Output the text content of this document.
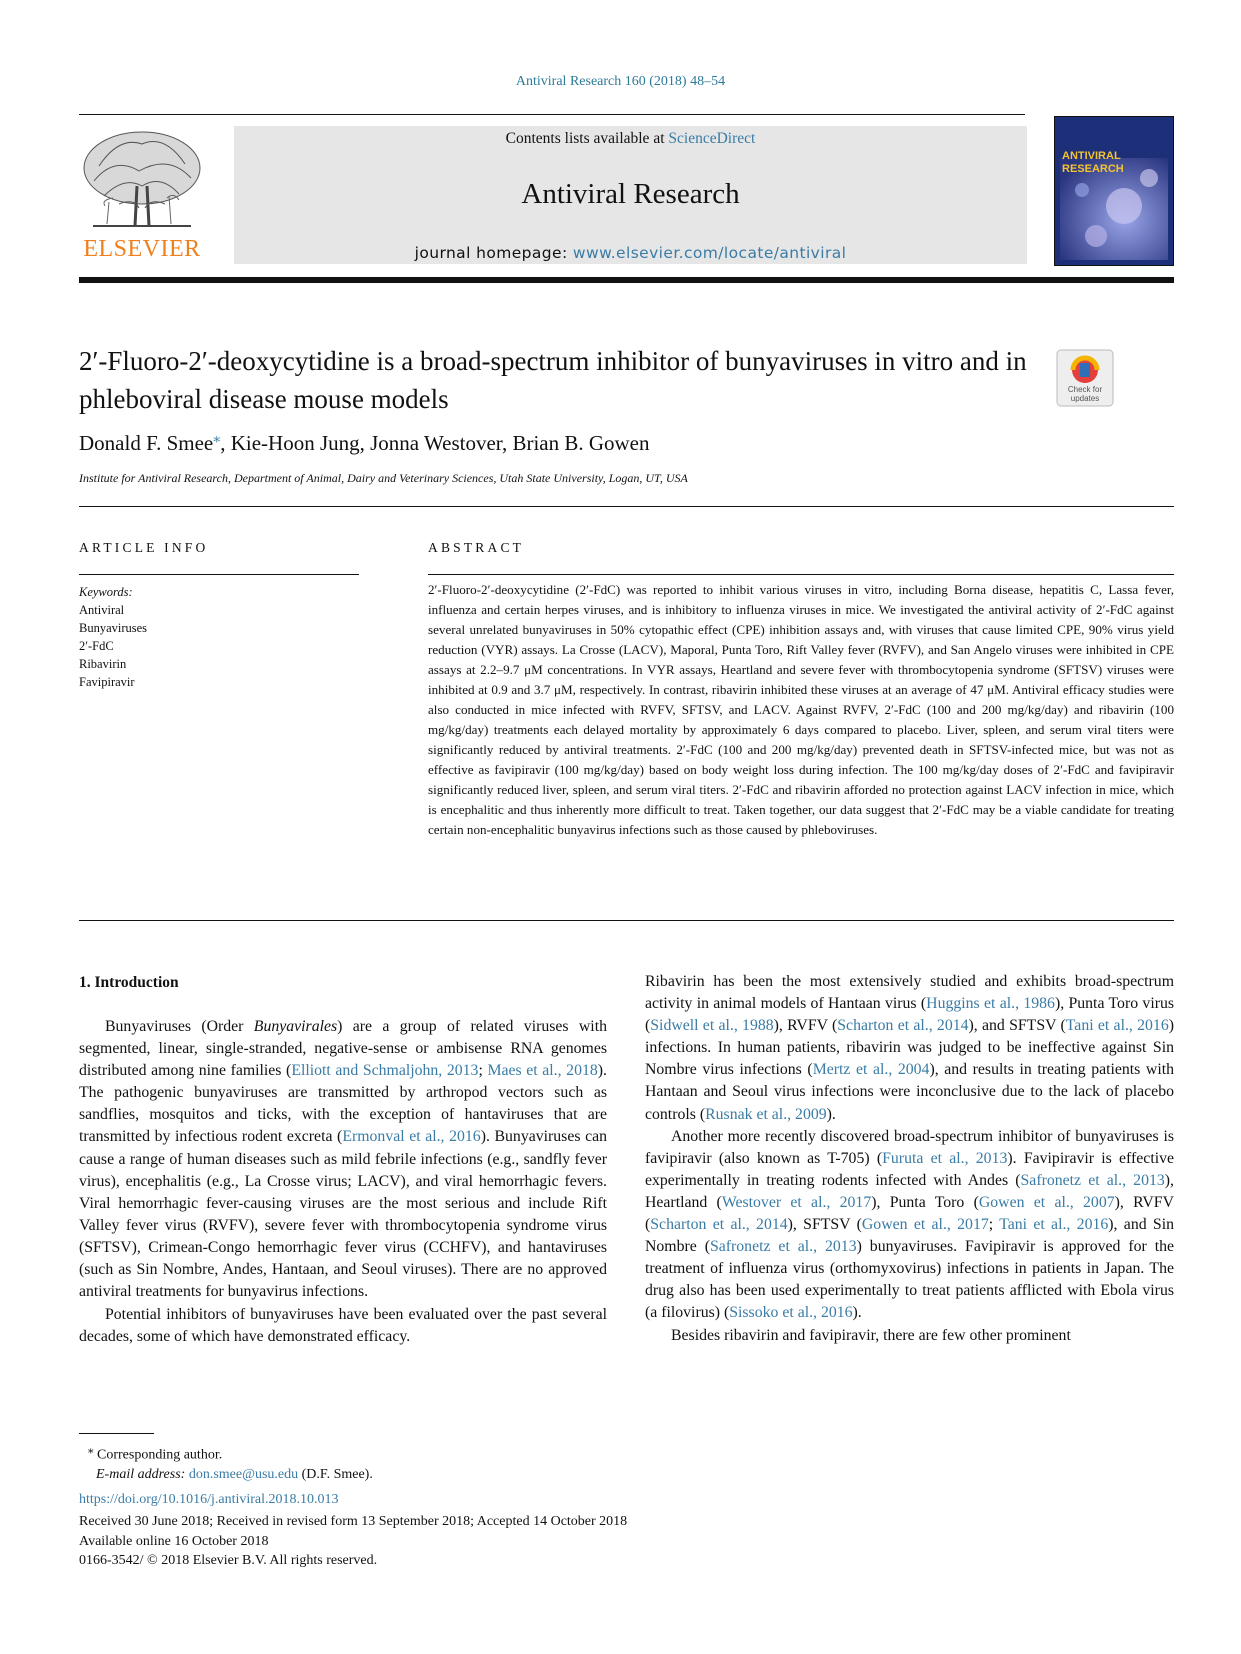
Antiviral Research 160 (2018) 48–54
ELSEVIER
Contents lists available at ScienceDirect
Antiviral Research
journal homepage: www.elsevier.com/locate/antiviral
ANTIVIRAL
RESEARCH
2′-Fluoro-2′-deoxycytidine is a broad-spectrum inhibitor of bunyaviruses in vitro and in phleboviral disease mouse models	Check for
updates
Donald F. Smee⁎, Kie-Hoon Jung, Jonna Westover, Brian B. Gowen
Institute for Antiviral Research, Department of Animal, Dairy and Veterinary Sciences, Utah State University, Logan, UT, USA
ARTICLE INFO
Keywords:
Antiviral
Bunyaviruses
2′-FdC
Ribavirin
Favipiravir
ABSTRACT
2′-Fluoro-2′-deoxycytidine (2′-FdC) was reported to inhibit various viruses in vitro, including Borna disease, hepatitis C, Lassa fever, influenza and certain herpes viruses, and is inhibitory to influenza viruses in mice. We investigated the antiviral activity of 2′-FdC against several unrelated bunyaviruses in 50% cytopathic effect (CPE) inhibition assays and, with viruses that cause limited CPE, 90% virus yield reduction (VYR) assays. La Crosse (LACV), Maporal, Punta Toro, Rift Valley fever (RVFV), and San Angelo viruses were inhibited in CPE assays at 2.2–9.7 μM concentrations. In VYR assays, Heartland and severe fever with thrombocytopenia syndrome (SFTSV) viruses were inhibited at 0.9 and 3.7 μM, respectively. In contrast, ribavirin inhibited these viruses at an average of 47 μM. Antiviral efficacy studies were also conducted in mice infected with RVFV, SFTSV, and LACV. Against RVFV, 2′-FdC (100 and 200 mg/kg/day) and ribavirin (100 mg/kg/day) treatments each delayed mortality by approximately 6 days compared to placebo. Liver, spleen, and serum viral titers were significantly reduced by antiviral treatments. 2′-FdC (100 and 200 mg/kg/day) prevented death in SFTSV-infected mice, but was not as effective as favipiravir (100 mg/kg/day) based on body weight loss during infection. The 100 mg/kg/day doses of 2′-FdC and favipiravir significantly reduced liver, spleen, and serum viral titers. 2′-FdC and ribavirin afforded no protection against LACV infection in mice, which is encephalitic and thus inherently more difficult to treat. Taken together, our data suggest that 2′-FdC may be a viable candidate for treating certain non-encephalitic bunyavirus infections such as those caused by phleboviruses.
1. Introduction

Bunyaviruses (Order Bunyavirales) are a group of related viruses with segmented, linear, single-stranded, negative-sense or ambisense RNA genomes distributed among nine families (Elliott and Schmaljohn, 2013; Maes et al., 2018). The pathogenic bunyaviruses are transmitted by arthropod vectors such as sandflies, mosquitos and ticks, with the exception of hantaviruses that are transmitted by infectious rodent excreta (Ermonval et al., 2016). Bunyaviruses can cause a range of human diseases such as mild febrile infections (e.g., sandfly fever virus), encephalitis (e.g., La Crosse virus; LACV), and viral hemorrhagic fevers. Viral hemorrhagic fever-causing viruses are the most serious and include Rift Valley fever virus (RVFV), severe fever with thrombocytopenia syndrome virus (SFTSV), Crimean-Congo hemorrhagic fever virus (CCHFV), and hantaviruses (such as Sin Nombre, Andes, Hantaan, and Seoul viruses). There are no approved antiviral treatments for bunyavirus infections.

Potential inhibitors of bunyaviruses have been evaluated over the past several decades, some of which have demonstrated efficacy.

Ribavirin has been the most extensively studied and exhibits broad-spectrum activity in animal models of Hantaan virus (Huggins et al., 1986), Punta Toro virus (Sidwell et al., 1988), RVFV (Scharton et al., 2014), and SFTSV (Tani et al., 2016) infections. In human patients, ribavirin was judged to be ineffective against Sin Nombre virus infections (Mertz et al., 2004), and results in treating patients with Hantaan and Seoul virus infections were inconclusive due to the lack of placebo controls (Rusnak et al., 2009).

Another more recently discovered broad-spectrum inhibitor of bunyaviruses is favipiravir (also known as T-705) (Furuta et al., 2013). Favipiravir is effective experimentally in treating rodents infected with Andes (Safronetz et al., 2013), Heartland (Westover et al., 2017), Punta Toro (Gowen et al., 2007), RVFV (Scharton et al., 2014), SFTSV (Gowen et al., 2017; Tani et al., 2016), and Sin Nombre (Safronetz et al., 2013) bunyaviruses. Favipiravir is approved for the treatment of influenza virus (orthomyxovirus) infections in patients in Japan. The drug also has been used experimentally to treat patients afflicted with Ebola virus (a filovirus) (Sissoko et al., 2016).

Besides ribavirin and favipiravir, there are few other prominent

⁎ Corresponding author.
E-mail address: don.smee@usu.edu (D.F. Smee).
https://doi.org/10.1016/j.antiviral.2018.10.013
Received 30 June 2018; Received in revised form 13 September 2018; Accepted 14 October 2018
Available online 16 October 2018
0166-3542/ © 2018 Elsevier B.V. All rights reserved.
